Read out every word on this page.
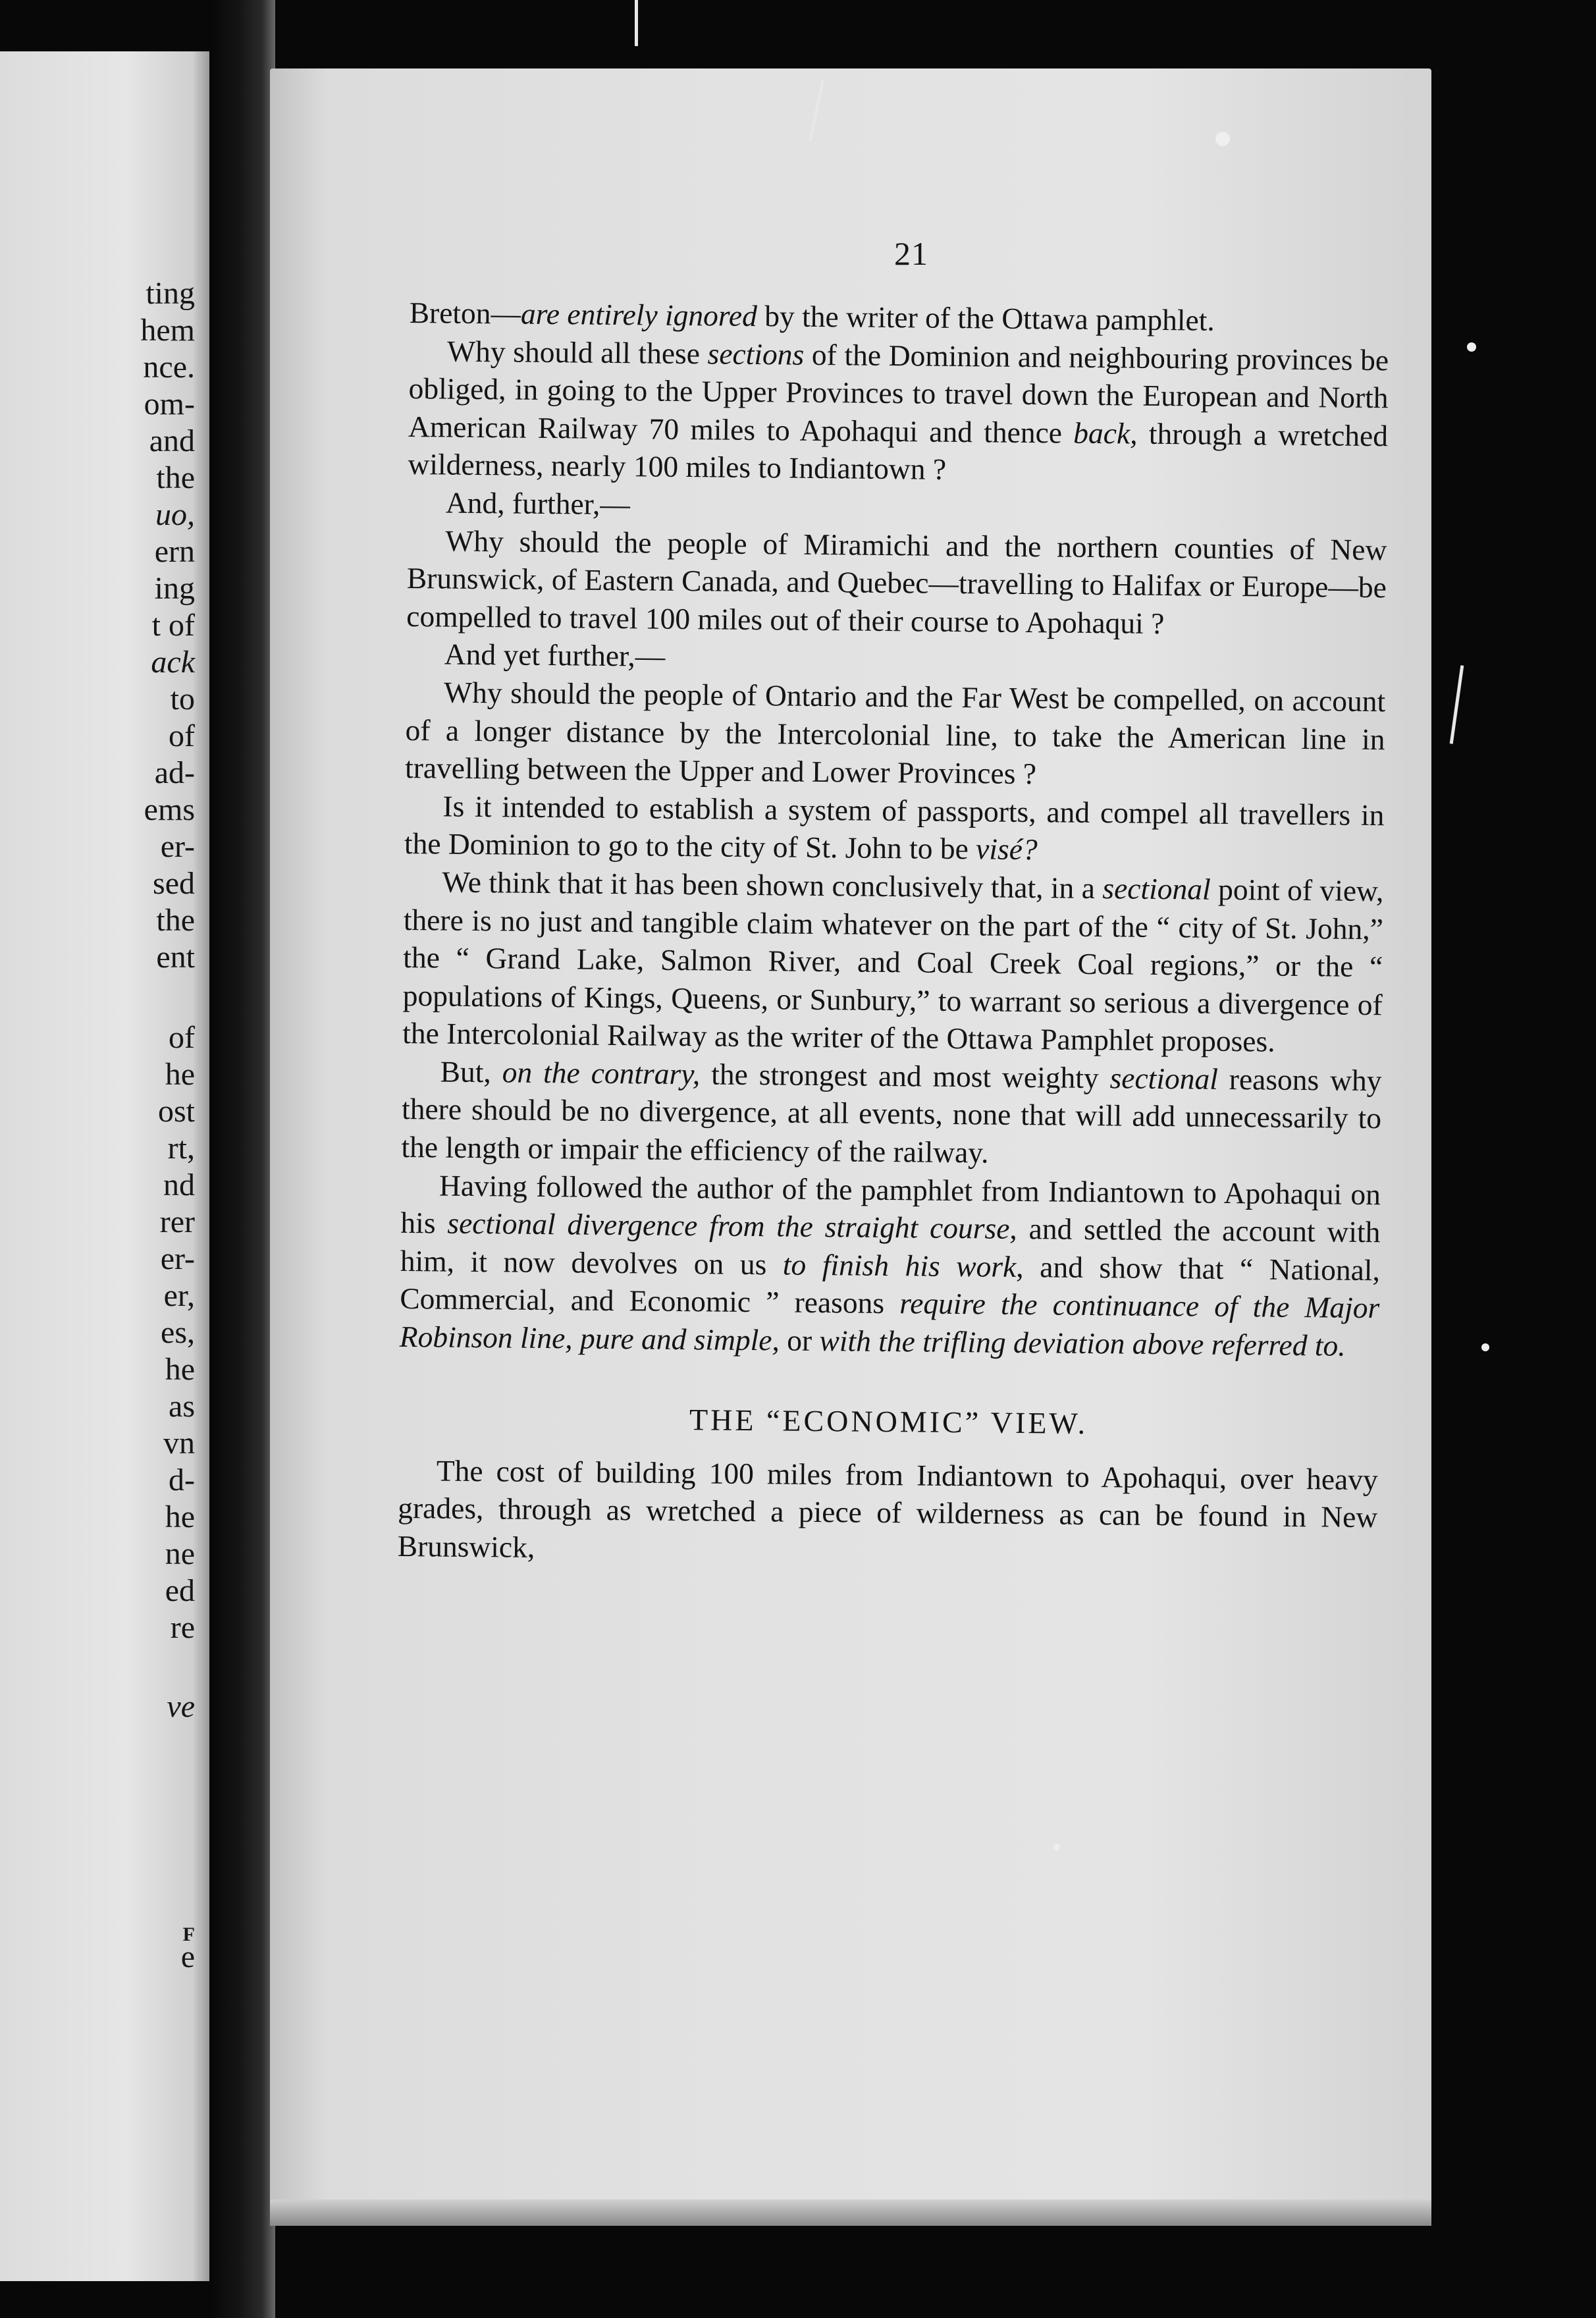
ting

hem

nce.

om-

and

the

uo,

ern

ing

t of

ack

to

of

ad-

ems

er-

sed

the

ent

of

he

ost

rt,

nd

rer

er-

er,

es,

he

as

vn

d-

he

ne

ed

re

ve

F

e

21

Breton—are entirely ignored by the writer of the Ottawa pamphlet.

Why should all these sections of the Dominion and neighbouring provinces be obliged, in going to the Upper Provinces to travel down the European and North American Railway 70 miles to Apohaqui and thence back, through a wretched wilderness, nearly 100 miles to Indiantown ?

And, further,—

Why should the people of Miramichi and the northern counties of New Brunswick, of Eastern Canada, and Quebec—travelling to Halifax or Europe—be compelled to travel 100 miles out of their course to Apohaqui ?

And yet further,—

Why should the people of Ontario and the Far West be compelled, on account of a longer distance by the Intercolonial line, to take the American line in travelling between the Upper and Lower Provinces ?

Is it intended to establish a system of passports, and compel all travellers in the Dominion to go to the city of St. John to be visé?

We think that it has been shown conclusively that, in a sectional point of view, there is no just and tangible claim whatever on the part of the “ city of St. John,” the “ Grand Lake, Salmon River, and Coal Creek Coal regions,” or the “ populations of Kings, Queens, or Sunbury,” to warrant so serious a divergence of the Intercolonial Railway as the writer of the Ottawa Pamphlet proposes.

But, on the contrary, the strongest and most weighty sectional reasons why there should be no divergence, at all events, none that will add unnecessarily to the length or impair the efficiency of the railway.

Having followed the author of the pamphlet from Indiantown to Apohaqui on his sectional divergence from the straight course, and settled the account with him, it now devolves on us to finish his work, and show that “ National, Commercial, and Economic ” reasons require the continuance of the Major Robinson line, pure and simple, or with the trifling deviation above referred to.

THE “ECONOMIC” VIEW.

The cost of building 100 miles from Indiantown to Apohaqui, over heavy grades, through as wretched a piece of wilderness as can be found in New Brunswick,
